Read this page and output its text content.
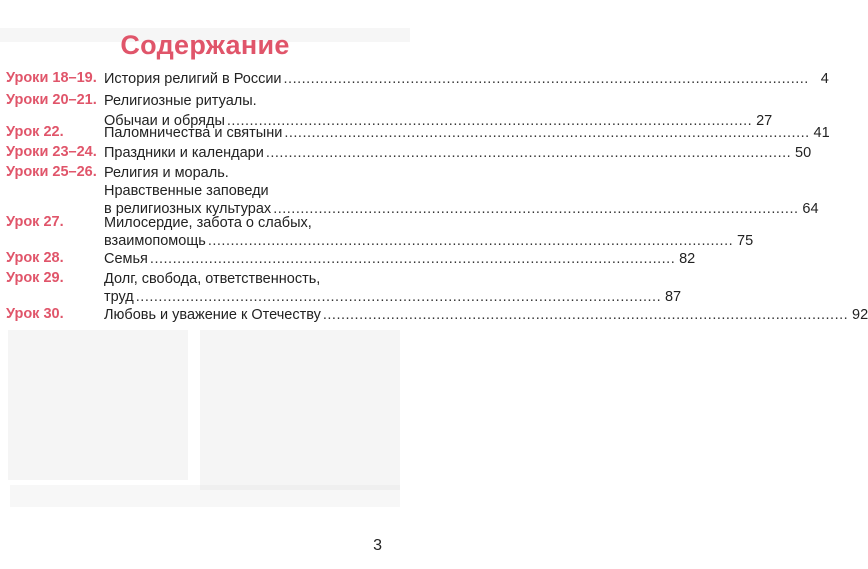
Содержание
Уроки 18–19. История религий в России .................................................................................................................... 4
Уроки 20–21. Религиозные ритуалы.
Обычаи и обряды .................................................................................................................... 27
Урок 22.	Паломничества и святыни .................................................................................................................... 41
Уроки 23–24. Праздники и календари .................................................................................................................... 50
Уроки 25–26. Религия и мораль.
Нравственные заповеди
в религиозных культурах .................................................................................................................... 64
Урок 27.	Милосердие, забота о слабых,
взаимопомощь .................................................................................................................... 75
Урок 28.	Семья .................................................................................................................... 82
Урок 29.	Долг, свобода, ответственность,
труд .................................................................................................................... 87
Урок 30.	Любовь и уважение к Отечеству .................................................................................................................... 92
3
